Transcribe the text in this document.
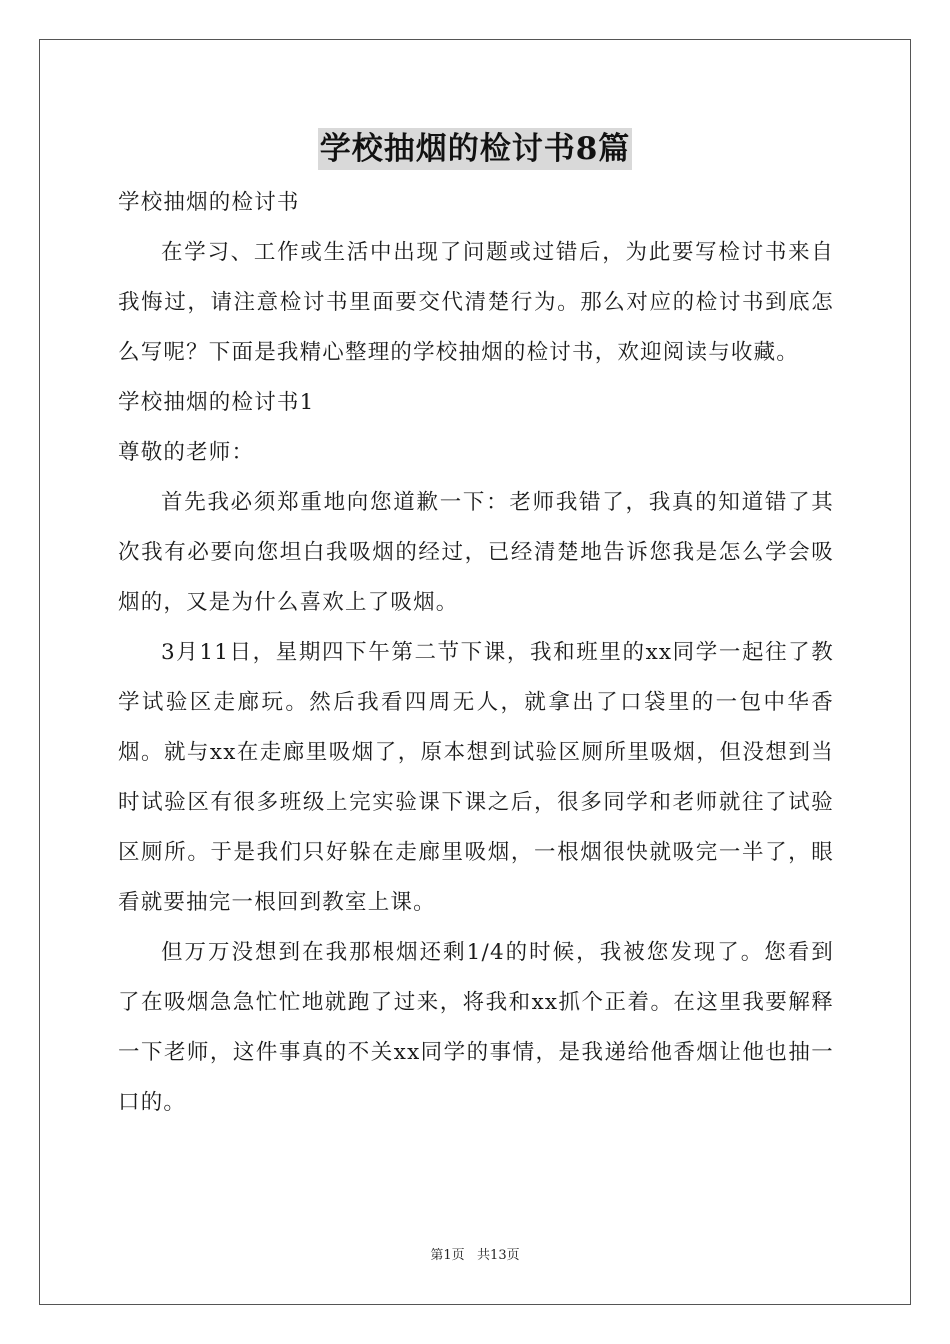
学校抽烟的检讨书8篇

学校抽烟的检讨书

在学习、工作或生活中出现了问题或过错后，为此要写检讨书来自我悔过，请注意检讨书里面要交代清楚行为。那么对应的检讨书到底怎么写呢？下面是我精心整理的学校抽烟的检讨书，欢迎阅读与收藏。

学校抽烟的检讨书1

尊敬的老师：

首先我必须郑重地向您道歉一下：老师我错了，我真的知道错了其次我有必要向您坦白我吸烟的经过，已经清楚地告诉您我是怎么学会吸烟的，又是为什么喜欢上了吸烟。

3月11日，星期四下午第二节下课，我和班里的xx同学一起往了教学试验区走廊玩。然后我看四周无人，就拿出了口袋里的一包中华香烟。就与xx在走廊里吸烟了，原本想到试验区厕所里吸烟，但没想到当时试验区有很多班级上完实验课下课之后，很多同学和老师就往了试验区厕所。于是我们只好躲在走廊里吸烟，一根烟很快就吸完一半了，眼看就要抽完一根回到教室上课。

但万万没想到在我那根烟还剩1/4的时候，我被您发现了。您看到了在吸烟急急忙忙地就跑了过来，将我和xx抓个正着。在这里我要解释一下老师，这件事真的不关xx同学的事情，是我递给他香烟让他也抽一口的。

第1页   共13页
